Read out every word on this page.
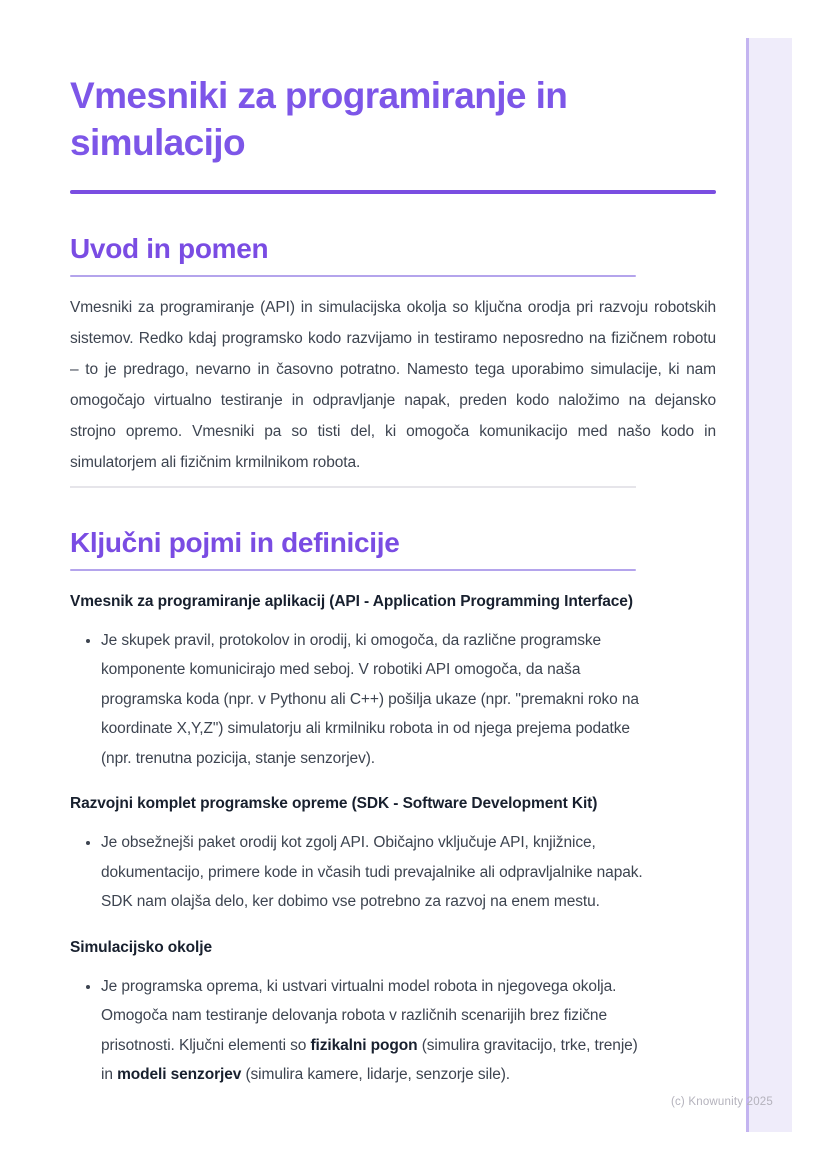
Vmesniki za programiranje in simulacijo
Uvod in pomen

Vmesniki za programiranje (API) in simulacijska okolja so ključna orodja pri razvoju robotskih sistemov. Redko kdaj programsko kodo razvijamo in testiramo neposredno na fizičnem robotu – to je predrago, nevarno in časovno potratno. Namesto tega uporabimo simulacije, ki nam omogočajo virtualno testiranje in odpravljanje napak, preden kodo naložimo na dejansko strojno opremo. Vmesniki pa so tisti del, ki omogoča komunikacijo med našo kodo in simulatorjem ali fizičnim krmilnikom robota.

Ključni pojmi in definicije
Vmesnik za programiranje aplikacij (API - Application Programming Interface)
• Je skupek pravil, protokolov in orodij, ki omogoča, da različne programske komponente komunicirajo med seboj. V robotiki API omogoča, da naša programska koda (npr. v Pythonu ali C++) pošilja ukaze (npr. "premakni roko na koordinate X,Y,Z") simulatorju ali krmilniku robota in od njega prejema podatke (npr. trenutna pozicija, stanje senzorjev).
Razvojni komplet programske opreme (SDK - Software Development Kit)
• Je obsežnejši paket orodij kot zgolj API. Običajno vključuje API, knjižnice, dokumentacijo, primere kode in včasih tudi prevajalnike ali odpravljalnike napak. SDK nam olajša delo, ker dobimo vse potrebno za razvoj na enem mestu.
Simulacijsko okolje
• Je programska oprema, ki ustvari virtualni model robota in njegovega okolja. Omogoča nam testiranje delovanja robota v različnih scenarijih brez fizične prisotnosti. Ključni elementi so fizikalni pogon (simulira gravitacijo, trke, trenje) in modeli senzorjev (simulira kamere, lidarje, senzorje sile).
(c) Knowunity 2025
